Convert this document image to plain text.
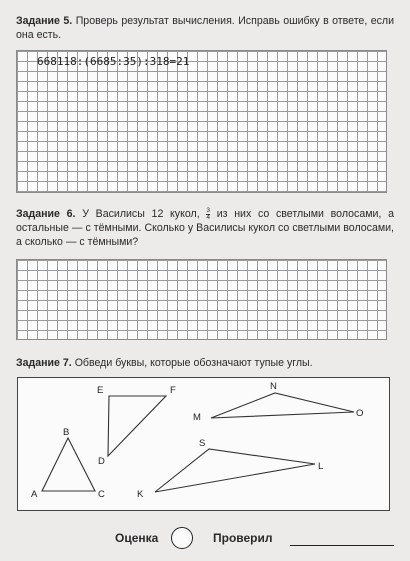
Задание 5. Проверь результат вычисления. Исправь ошибку в ответе, если она есть.
668118:(6685:35):318=21
Задание 6. У Василисы 12 кукол, $\frac{3}{4}$ из них со светлыми волосами, а остальные — с тёмными. Сколько у Василисы кукол со светлыми волосами, а сколько — с тёмными?
Задание 7. Обведи буквы, которые обозначают тупые углы.
E	F
D
B
A	C
N
M	O
S
L
K
Оценка	Проверил
